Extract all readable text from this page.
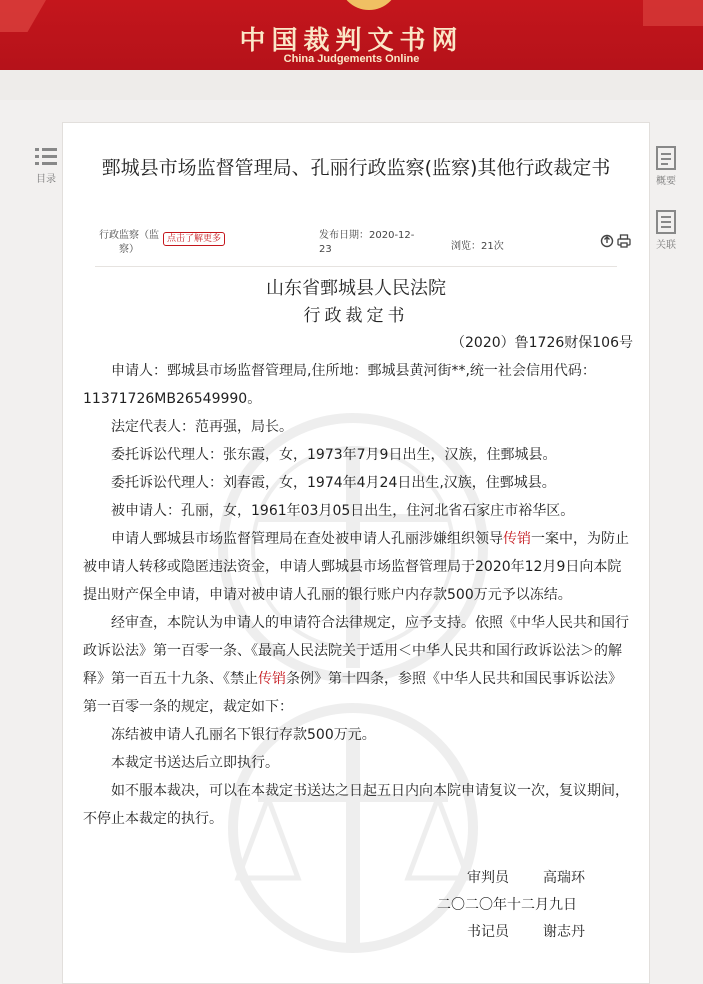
中国裁判文书网
China Judgements Online
目录	概要
关联
鄄城县市场监督管理局、孔丽行政监察(监察)其他行政裁定书
行政监察（监
察）
点击了解更多	发布日期：2020-12-
23	浏览：21次
山东省鄄城县人民法院
行政裁定书

（2020）鲁1726财保106号

申请人：鄄城县市场监督管理局,住所地：鄄城县黄河街**,统一社会信用代码：11371726MB26549990。

法定代表人：范再强，局长。

委托诉讼代理人：张东霞，女，1973年7月9日出生，汉族，住鄄城县。

委托诉讼代理人：刘春霞，女，1974年4月24日出生,汉族，住鄄城县。

被申请人：孔丽，女，1961年03月05日出生，住河北省石家庄市裕华区。

申请人鄄城县市场监督管理局在查处被申请人孔丽涉嫌组织领导传销一案中，为防止被申请人转移或隐匿违法资金，申请人鄄城县市场监督管理局于2020年12月9日向本院提出财产保全申请，申请对被申请人孔丽的银行账户内存款500万元予以冻结。

经审查，本院认为申请人的申请符合法律规定，应予支持。依照《中华人民共和国行政诉讼法》第一百零一条、《最高人民法院关于适用＜中华人民共和国行政诉讼法＞的解释》第一百五十九条、《禁止传销条例》第十四条，参照《中华人民共和国民事诉讼法》第一百零一条的规定，裁定如下：

冻结被申请人孔丽名下银行存款500万元。

本裁定书送达后立即执行。

如不服本裁决，可以在本裁定书送达之日起五日内向本院申请复议一次，复议期间，不停止本裁定的执行。

审判员 高瑞环
二〇二〇年十二月九日
书记员 谢志丹
